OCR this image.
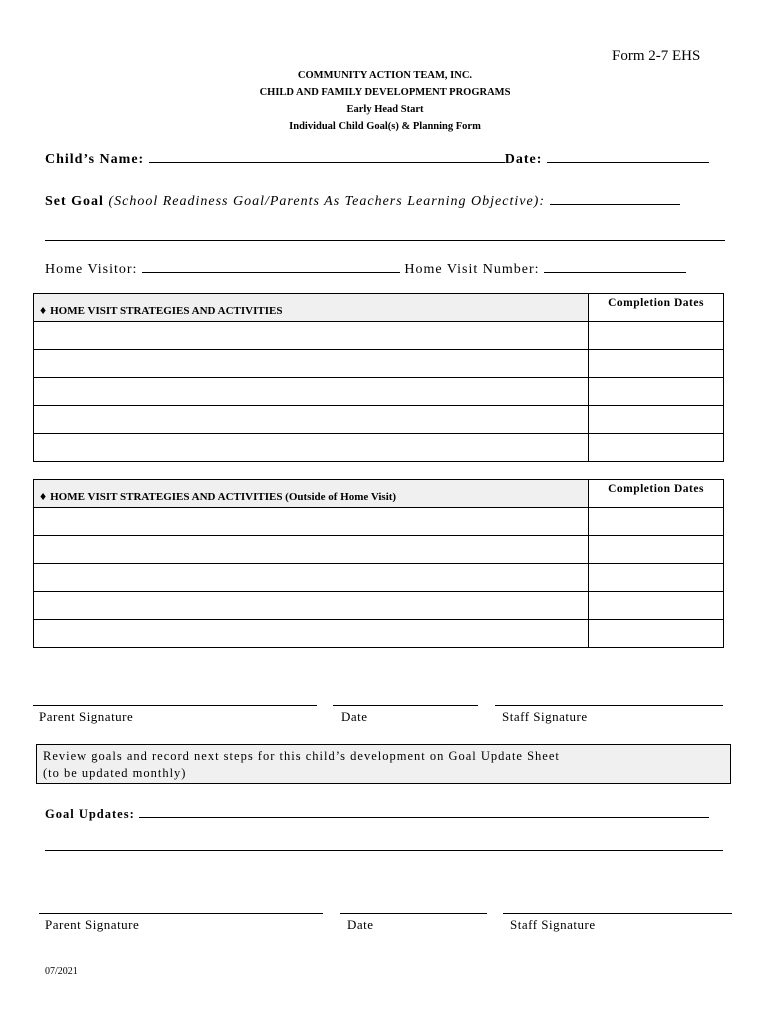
Form 2-7 EHS
COMMUNITY ACTION TEAM, INC.
CHILD AND FAMILY DEVELOPMENT PROGRAMS
Early Head Start
Individual Child Goal(s) & Planning Form
Child’s Name:	Date:
Set Goal (School Readiness Goal/Parents As Teachers Learning Objective):
Home Visitor:	Home Visit Number:
♦ HOME VISIT STRATEGIES AND ACTIVITIES	Completion Dates

♦ HOME VISIT STRATEGIES AND ACTIVITIES (Outside of Home Visit)	Completion Dates

Parent Signature	Date	Staff Signature
Review goals and record next steps for this child’s development on Goal Update Sheet
(to be updated monthly)
Goal Updates:
Parent Signature	Date	Staff Signature
07/2021
